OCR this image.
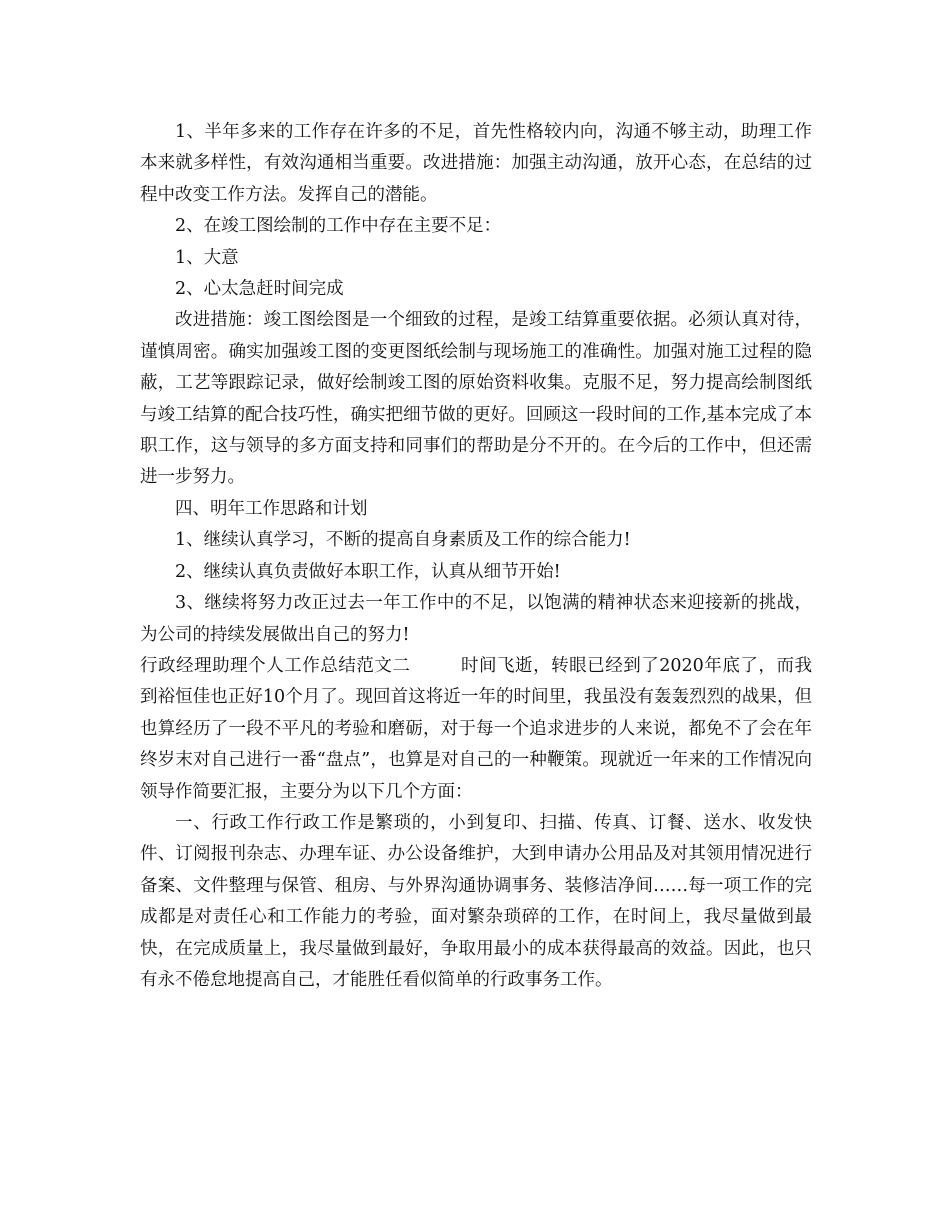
1、半年多来的工作存在许多的不足，首先性格较内向，沟通不够主动，助理工作本来就多样性，有效沟通相当重要。改进措施：加强主动沟通，放开心态，在总结的过程中改变工作方法。发挥自己的潜能。

2、在竣工图绘制的工作中存在主要不足：

1、大意

2、心太急赶时间完成

改进措施：竣工图绘图是一个细致的过程，是竣工结算重要依据。必须认真对待，谨慎周密。确实加强竣工图的变更图纸绘制与现场施工的准确性。加强对施工过程的隐蔽，工艺等跟踪记录，做好绘制竣工图的原始资料收集。克服不足，努力提高绘制图纸与竣工结算的配合技巧性，确实把细节做的更好。回顾这一段时间的工作,基本完成了本职工作，这与领导的多方面支持和同事们的帮助是分不开的。在今后的工作中，但还需进一步努力。

四、明年工作思路和计划

1、继续认真学习，不断的提高自身素质及工作的综合能力!

2、继续认真负责做好本职工作，认真从细节开始!

3、继续将努力改正过去一年工作中的不足，以饱满的精神状态来迎接新的挑战，为公司的持续发展做出自己的努力!

行政经理助理个人工作总结范文二	时间飞逝，转眼已经到了2020年底了，而我到裕恒佳也正好10个月了。现回首这将近一年的时间里，我虽没有轰轰烈烈的战果，但也算经历了一段不平凡的考验和磨砺，对于每一个追求进步的人来说，都免不了会在年终岁末对自己进行一番“盘点”，也算是对自己的一种鞭策。现就近一年来的工作情况向领导作简要汇报，主要分为以下几个方面：

一、行政工作行政工作是繁琐的，小到复印、扫描、传真、订餐、送水、收发快件、订阅报刊杂志、办理车证、办公设备维护，大到申请办公用品及对其领用情况进行备案、文件整理与保管、租房、与外界沟通协调事务、装修洁净间……每一项工作的完成都是对责任心和工作能力的考验，面对繁杂琐碎的工作，在时间上，我尽量做到最快，在完成质量上，我尽量做到最好，争取用最小的成本获得最高的效益。因此，也只有永不倦怠地提高自己，才能胜任看似简单的行政事务工作。
